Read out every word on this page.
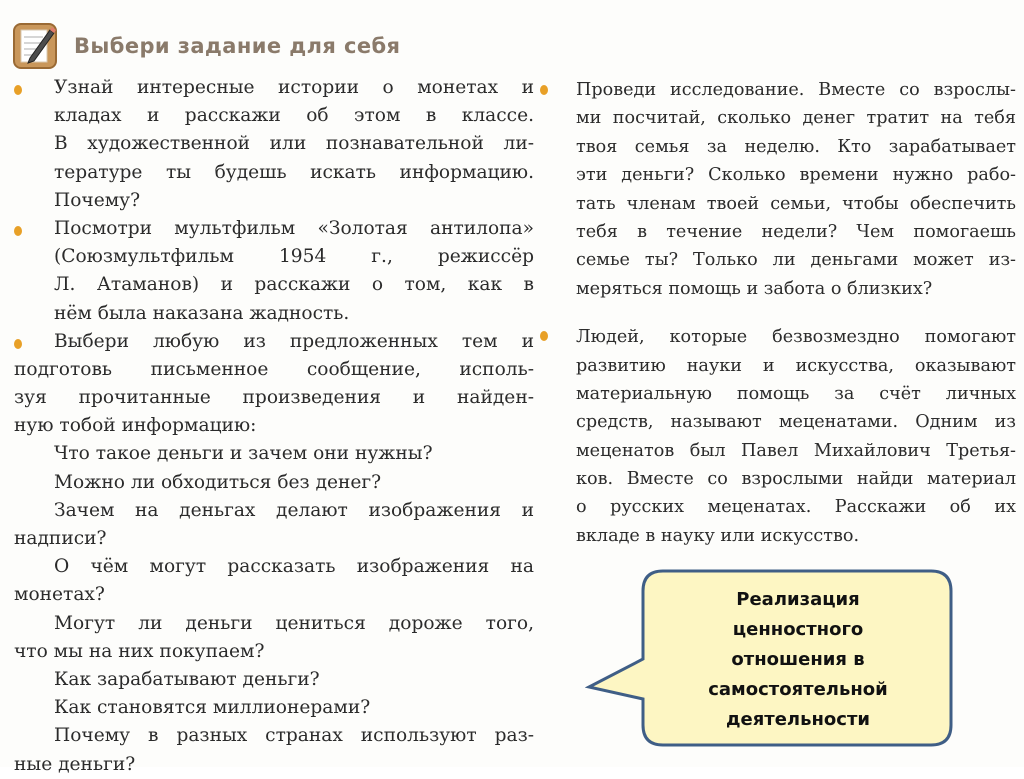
Выбери задание для себя
Узнай интересные истории о монетах и
кладах и расскажи об этом в классе.
В художественной или познавательной ли-
тературе ты будешь искать информацию.
Почему?
Посмотри мультфильм «Золотая антилопа»
(Союзмультфильм 1954 г., режиссёр
Л. Атаманов) и расскажи о том, как в
нём была наказана жадность.
Выбери любую из предложенных тем и
подготовь письменное сообщение, исполь-
зуя прочитанные произведения и найден-
ную тобой информацию:
Что такое деньги и зачем они нужны?
Можно ли обходиться без денег?
Зачем на деньгах делают изображения и
надписи?
О чём могут рассказать изображения на
монетах?
Могут ли деньги цениться дороже того,
что мы на них покупаем?
Как зарабатывают деньги?
Как становятся миллионерами?
Почему в разных странах используют раз-
ные деньги?
Проведи исследование. Вместе со взрослы-
ми посчитай, сколько денег тратит на тебя
твоя семья за неделю. Кто зарабатывает
эти деньги? Сколько времени нужно рабо-
тать членам твоей семьи, чтобы обеспечить
тебя в течение недели? Чем помогаешь
семье ты? Только ли деньгами может из-
меряться помощь и забота о близких?
Людей, которые безвозмездно помогают
развитию науки и искусства, оказывают
материальную помощь за счёт личных
средств, называют меценатами. Одним из
меценатов был Павел Михайлович Третья-
ков. Вместе со взрослыми найди материал
о русских меценатах. Расскажи об их
вкладе в науку или искусство.
Реализация
ценностного
отношения в
самостоятельной
деятельности
